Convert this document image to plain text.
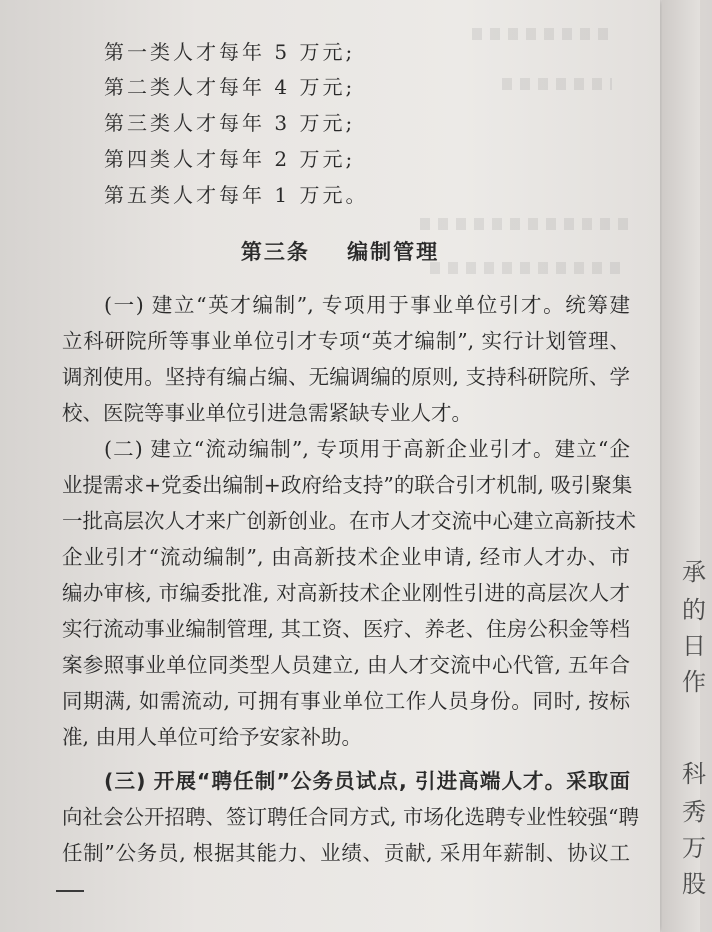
第一类人才每年 5 万元;
第二类人才每年 4 万元;
第三类人才每年 3 万元;
第四类人才每年 2 万元;
第五类人才每年 1 万元。
第三条    编制管理
(一) 建立“英才编制”, 专项用于事业单位引才。统筹建
立科研院所等事业单位引才专项“英才编制”, 实行计划管理、
调剂使用。坚持有编占编、无编调编的原则, 支持科研院所、学
校、医院等事业单位引进急需紧缺专业人才。
(二) 建立“流动编制”, 专项用于高新企业引才。建立“企
业提需求+党委出编制+政府给支持”的联合引才机制, 吸引聚集
一批高层次人才来广创新创业。在市人才交流中心建立高新技术
企业引才“流动编制”, 由高新技术企业申请, 经市人才办、市
编办审核, 市编委批准, 对高新技术企业刚性引进的高层次人才
实行流动事业编制管理, 其工资、医疗、养老、住房公积金等档
案参照事业单位同类型人员建立, 由人才交流中心代管, 五年合
同期满, 如需流动, 可拥有事业单位工作人员身份。同时, 按标
准, 由用人单位可给予安家补助。
(三) 开展“聘任制”公务员试点, 引进高端人才。采取面
向社会公开招聘、签订聘任合同方式, 市场化选聘专业性较强“聘
任制”公务员, 根据其能力、业绩、贡献, 采用年薪制、协议工
承
的
日
作
科
秀
万
股
